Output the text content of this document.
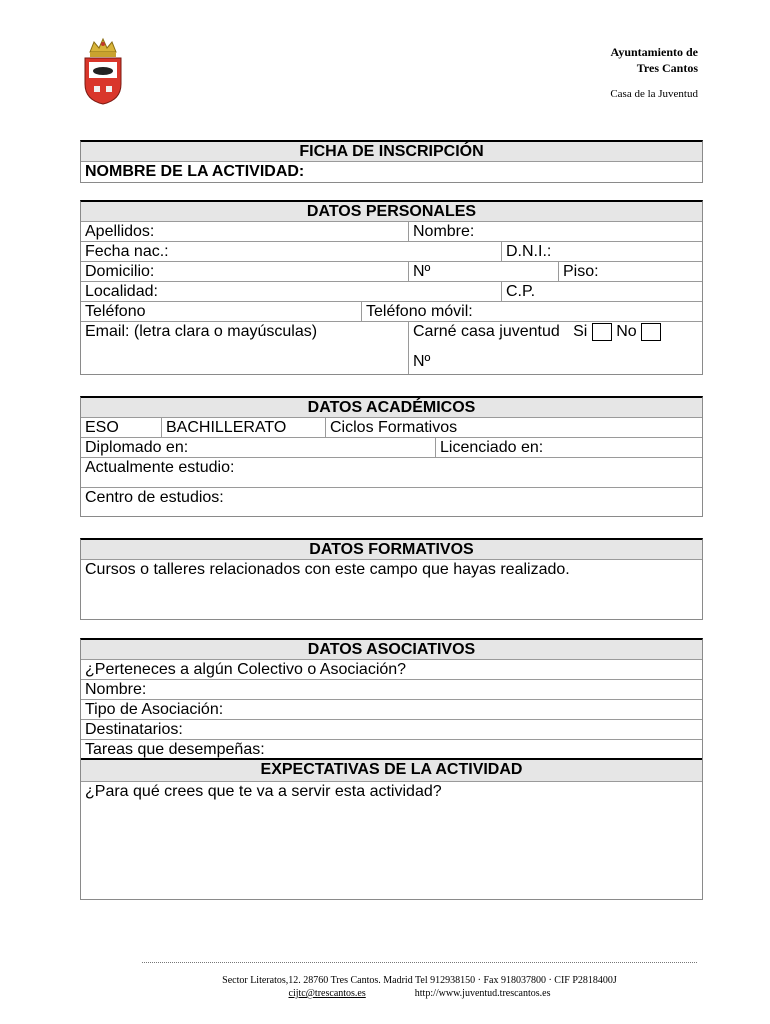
Ayuntamiento de
Tres Cantos
Casa de la Juventud
FICHA DE INSCRIPCIÓN
NOMBRE DE LA ACTIVIDAD:
DATOS PERSONALES
Apellidos:	Nombre:
Fecha nac.:	D.N.I.:
Domicilio:	Nº	Piso:
Localidad:	C.P.
Teléfono	Teléfono móvil:
Email: (letra clara o mayúsculas)	Carné casa juventud Si No
Nº
DATOS ACADÉMICOS
ESO	BACHILLERATO	Ciclos Formativos
Diplomado en:	Licenciado en:
Actualmente estudio:
Centro de estudios:
DATOS FORMATIVOS
Cursos o talleres relacionados con este campo que hayas realizado.
DATOS ASOCIATIVOS
¿Perteneces a algún Colectivo o Asociación?
Nombre:
Tipo de Asociación:
Destinatarios:
Tareas que desempeñas:
EXPECTATIVAS DE LA ACTIVIDAD
¿Para qué crees que te va a servir esta actividad?
Sector Literatos,12. 28760 Tres Cantos. Madrid Tel 912938150 · Fax 918037800 · CIF P2818400J
cijtc@trescantos.es	http://www.juventud.trescantos.es
